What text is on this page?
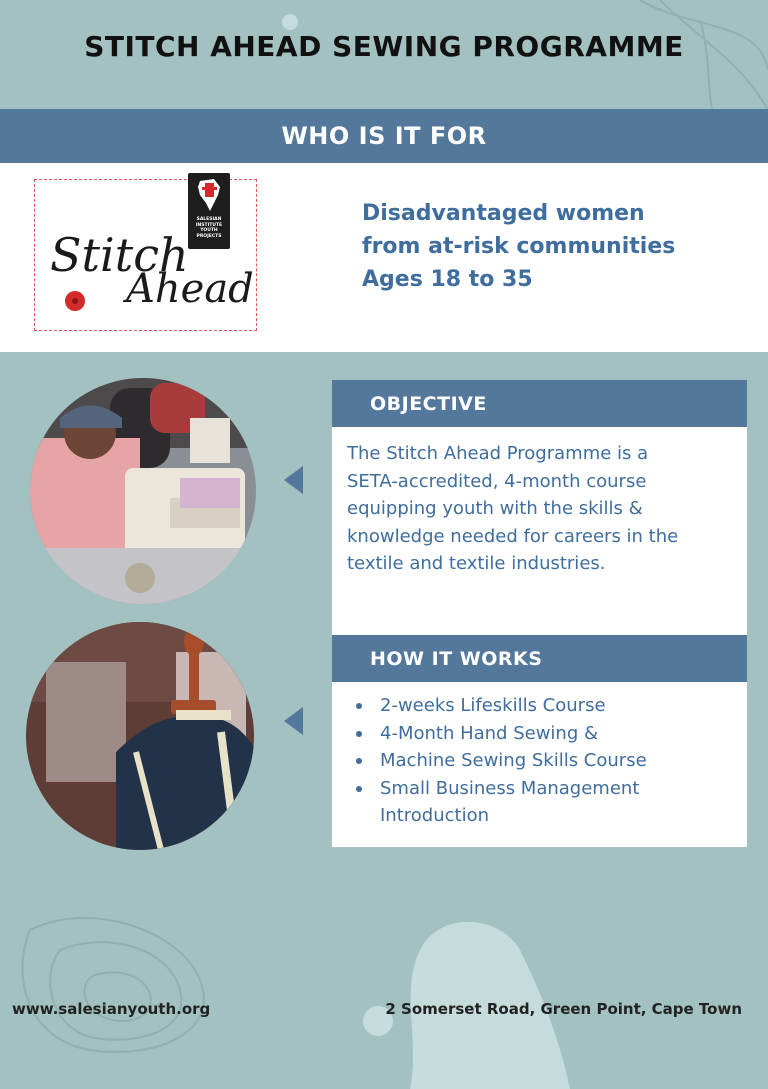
STITCH AHEAD SEWING PROGRAMME
WHO IS IT FOR
SALESIAN
INSTITUTE
YOUTH
PROJECTS
Stitch
Ahead
Disadvantaged women
from at-risk communities
Ages 18 to 35
OBJECTIVE
The Stitch Ahead Programme is a
SETA-accredited, 4-month course
equipping youth with the skills &
knowledge needed for careers in the
textile and textile industries.
HOW IT WORKS
2-weeks Lifeskills Course
4-Month Hand Sewing &
Machine Sewing Skills Course
Small Business Management
Introduction
www.salesianyouth.org	2 Somerset Road, Green Point, Cape Town
